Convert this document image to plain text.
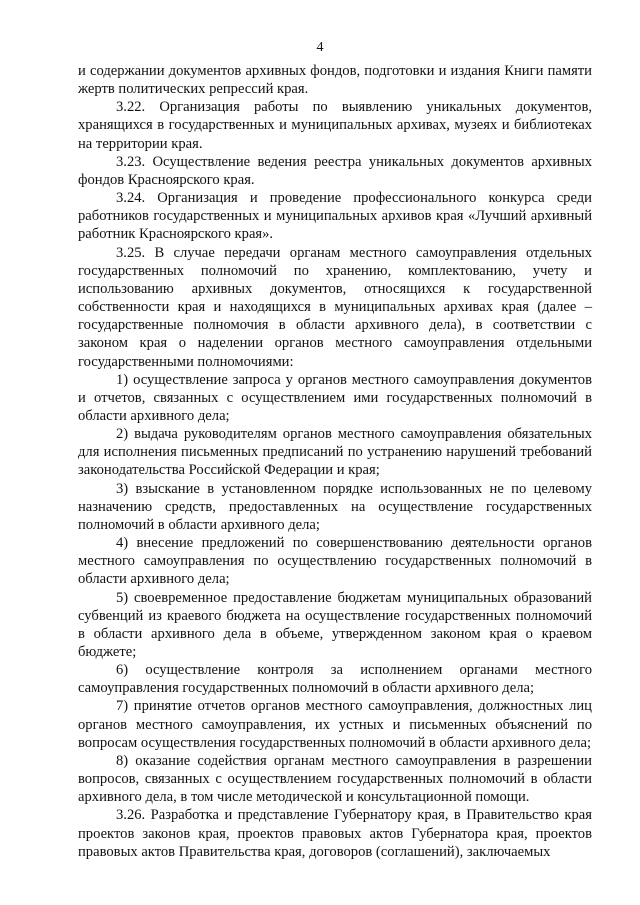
4

и содержании документов архивных фондов, подготовки и издания Книги памяти жертв политических репрессий края.

3.22. Организация работы по выявлению уникальных документов, хранящихся в государственных и муниципальных архивах, музеях и библиотеках на территории края.

3.23. Осуществление ведения реестра уникальных документов архивных фондов Красноярского края.

3.24. Организация и проведение профессионального конкурса среди работников государственных и муниципальных архивов края «Лучший архивный работник Красноярского края».

3.25. В случае передачи органам местного самоуправления отдельных государственных полномочий по хранению, комплектованию, учету и использованию архивных документов, относящихся к государственной собственности края и находящихся в муниципальных архивах края (далее – государственные полномочия в области архивного дела), в соответствии с законом края о наделении органов местного самоуправления отдельными государственными полномочиями:

1) осуществление запроса у органов местного самоуправления документов и отчетов, связанных с осуществлением ими государственных полномочий в области архивного дела;

2) выдача руководителям органов местного самоуправления обязательных для исполнения письменных предписаний по устранению нарушений требований законодательства Российской Федерации и края;

3) взыскание в установленном порядке использованных не по целевому назначению средств, предоставленных на осуществление государственных полномочий в области архивного дела;

4) внесение предложений по совершенствованию деятельности органов местного самоуправления по осуществлению государственных полномочий в области архивного дела;

5) своевременное предоставление бюджетам муниципальных образований субвенций из краевого бюджета на осуществление государственных полномочий в области архивного дела в объеме, утвержденном законом края о краевом бюджете;

6) осуществление контроля за исполнением органами местного самоуправления государственных полномочий в области архивного дела;

7) принятие отчетов органов местного самоуправления, должностных лиц органов местного самоуправления, их устных и письменных объяснений по вопросам осуществления государственных полномочий в области архивного дела;

8) оказание содействия органам местного самоуправления в разрешении вопросов, связанных с осуществлением государственных полномочий в области архивного дела, в том числе методической и консультационной помощи.

3.26. Разработка и представление Губернатору края, в Правительство края проектов законов края, проектов правовых актов Губернатора края, проектов правовых актов Правительства края, договоров (соглашений), заключаемых
